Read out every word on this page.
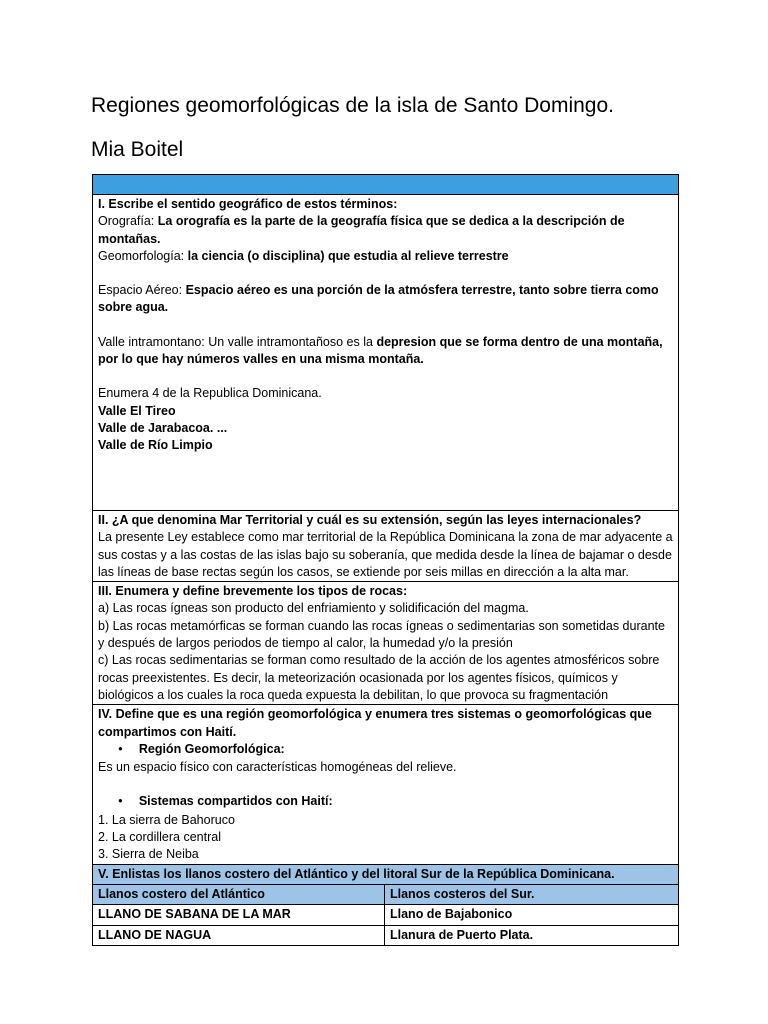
Regiones geomorfológicas de la isla de Santo Domingo.
Mia Boitel
I. Escribe el sentido geográfico de estos términos:
Orografía: La orografía es la parte de la geografía física que se dedica a la descripción de montañas.
Geomorfología: la ciencia (o disciplina) que estudia al relieve terrestre
Espacio Aéreo: Espacio aéreo es una porción de la atmósfera terrestre, tanto sobre tierra como sobre agua.
Valle intramontano: Un valle intramontañoso es la depresion que se forma dentro de una montaña, por lo que hay números valles en una misma montaña.
Enumera 4 de la Republica Dominicana.
Valle El Tireo
Valle de Jarabacoa. ...
Valle de Río Limpio
II. ¿A que denomina Mar Territorial y cuál es su extensión, según las leyes internacionales?
La presente Ley establece como mar territorial de la República Dominicana la zona de mar adyacente a sus costas y a las costas de las islas bajo su soberanía, que medida desde la línea de bajamar o desde las líneas de base rectas según los casos, se extiende por seis millas en dirección a la alta mar.
III. Enumera y define brevemente los tipos de rocas:
a) Las rocas ígneas son producto del enfriamiento y solidificación del magma.
b) Las rocas metamórficas se forman cuando las rocas ígneas o sedimentarias son sometidas durante y después de largos periodos de tiempo al calor, la humedad y/o la presión
c) Las rocas sedimentarias se forman como resultado de la acción de los agentes atmosféricos sobre rocas preexistentes. Es decir, la meteorización ocasionada por los agentes físicos, químicos y biológicos a los cuales la roca queda expuesta la debilitan, lo que provoca su fragmentación
IV. Define que es una región geomorfológica y enumera tres sistemas o geomorfológicas que compartimos con Haití.
● Región Geomorfológica:
Es un espacio físico con características homogéneas del relieve.
● Sistemas compartidos con Haití:
1. La sierra de Bahoruco
2. La cordillera central
3. Sierra de Neiba
V. Enlistas los llanos costero del Atlántico y del litoral Sur de la República Dominicana.
Llanos costero del Atlántico	Llanos costeros del Sur.
LLANO DE SABANA DE LA MAR	Llano de Bajabonico
LLANO DE NAGUA	Llanura de Puerto Plata.
